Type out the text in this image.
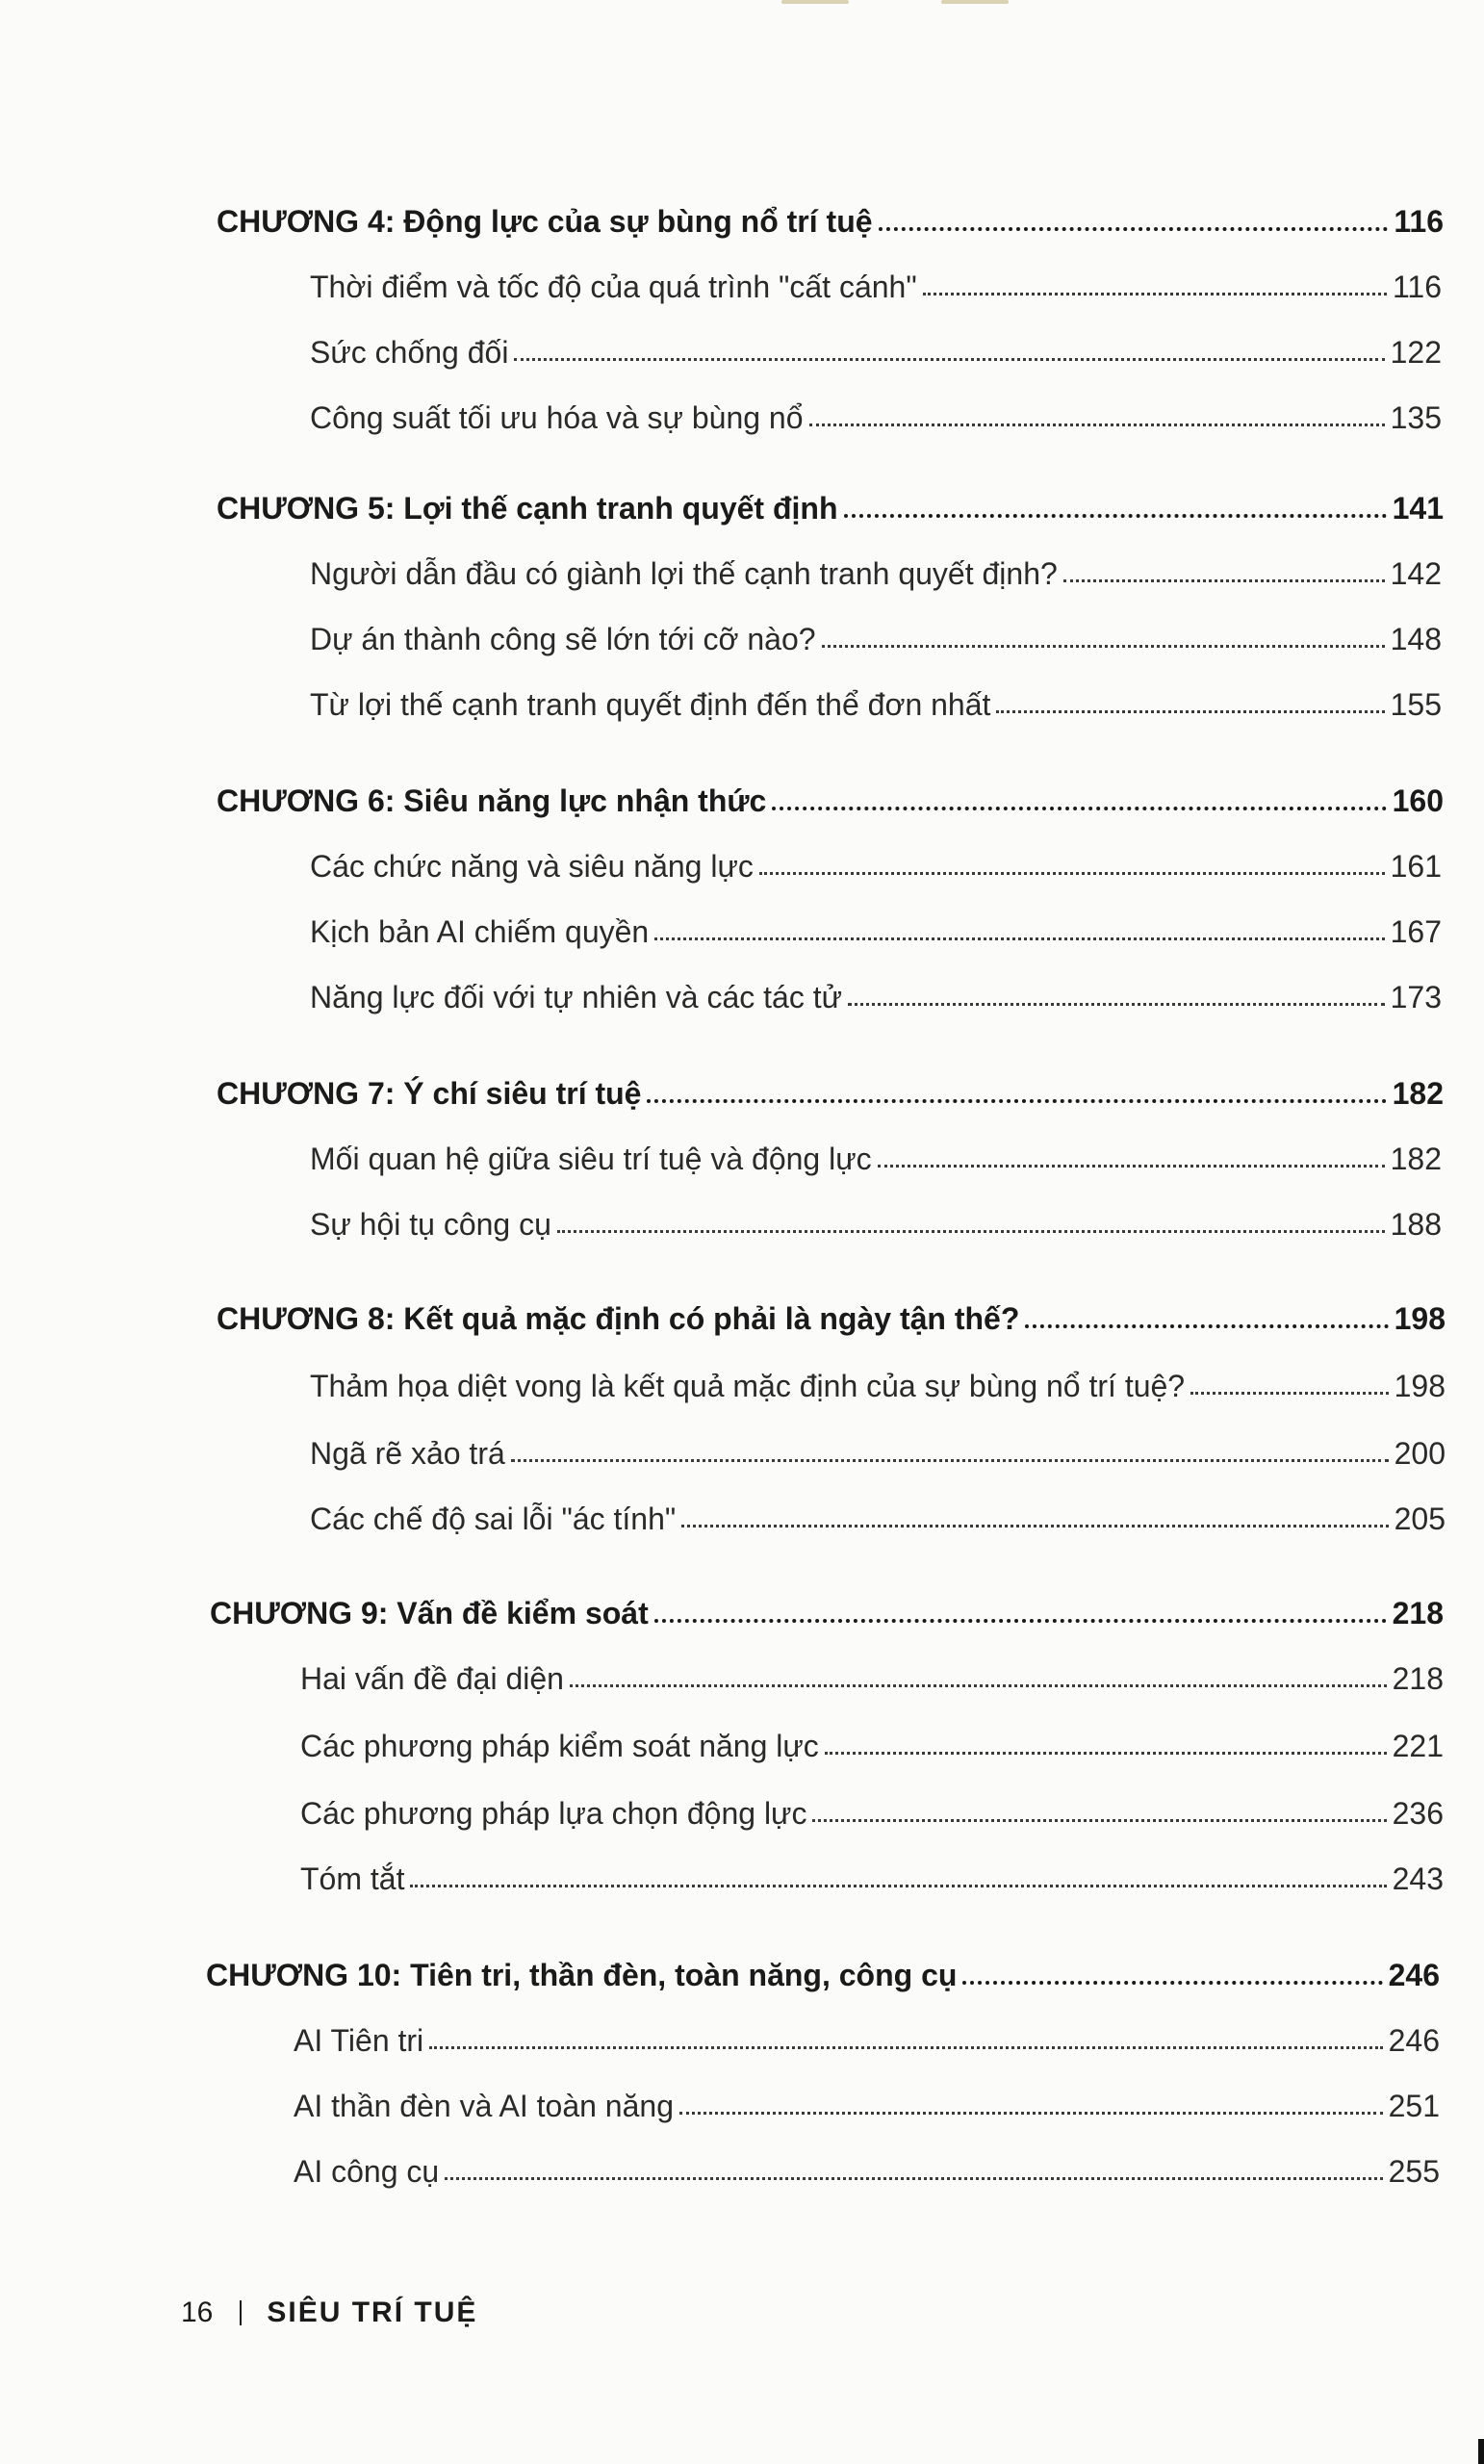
CHƯƠNG 4: Động lực của sự bùng nổ trí tuệ	116
Thời điểm và tốc độ của quá trình "cất cánh"	116
Sức chống đối	122
Công suất tối ưu hóa và sự bùng nổ	135
CHƯƠNG 5: Lợi thế cạnh tranh quyết định	141
Người dẫn đầu có giành lợi thế cạnh tranh quyết định?	142
Dự án thành công sẽ lớn tới cỡ nào?	148
Từ lợi thế cạnh tranh quyết định đến thể đơn nhất	155
CHƯƠNG 6: Siêu năng lực nhận thức	160
Các chức năng và siêu năng lực	161
Kịch bản AI chiếm quyền	167
Năng lực đối với tự nhiên và các tác tử	173
CHƯƠNG 7: Ý chí siêu trí tuệ	182
Mối quan hệ giữa siêu trí tuệ và động lực	182
Sự hội tụ công cụ	188
CHƯƠNG 8: Kết quả mặc định có phải là ngày tận thế?	198
Thảm họa diệt vong là kết quả mặc định của sự bùng nổ trí tuệ?	198
Ngã rẽ xảo trá	200
Các chế độ sai lỗi "ác tính"	205
CHƯƠNG 9: Vấn đề kiểm soát	218
Hai vấn đề đại diện	218
Các phương pháp kiểm soát năng lực	221
Các phương pháp lựa chọn động lực	236
Tóm tắt	243
CHƯƠNG 10: Tiên tri, thần đèn, toàn năng, công cụ	246
AI Tiên tri	246
AI thần đèn và AI toàn năng	251
AI công cụ	255
16 SIÊU TRÍ TUỆ
